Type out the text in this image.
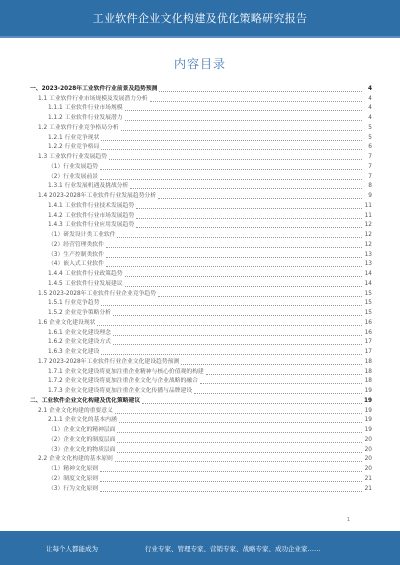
工业软件企业文化构建及优化策略研究报告
内容目录
一、2023-2028年工业软件行业前景及趋势预测	4
1.1 工业软件行业市场规模及发展潜力分析	4
1.1.1 工业软件行业市场规模	4
1.1.2 工业软件行业发展潜力	4
1.2 工业软件行业竞争格局分析	5
1.2.1 行业竞争现状	5
1.2.2 行业竞争格局	6
1.3 工业软件行业发展趋势	7
（1）行业发展趋势	7
（2）行业发展前景	7
1.3.1 行业发展机遇及挑战分析	8
1.4 2023-2028年工业软件行业发展趋势分析	9
1.4.1 工业软件行业技术发展趋势	11
1.4.2 工业软件行业市场发展趋势	11
1.4.3 工业软件行业应用发展趋势	12
（1）研发设计类工业软件	12
（2）经营管理类软件	12
（3）生产控制类软件	13
（4）嵌入式工业软件	13
1.4.4 工业软件行业政策趋势	14
1.4.5 工业软件行业发展建议	14
1.5 2023-2028年工业软件行业企业竞争趋势	15
1.5.1 行业竞争趋势	15
1.5.2 企业竞争策略分析	15
1.6 企业文化建设现状	16
1.6.1 企业文化建设理念	16
1.6.2 企业文化建设方式	17
1.6.3 企业文化建设	17
1.7 2023-2028年工业软件行业企业文化建设趋势预测	18
1.7.1 企业文化建设将更加注重企业精神与核心价值观的构建	18
1.7.2 企业文化建设将更加注重企业文化与企业战略的融合	18
1.7.3 企业文化建设将更加注重企业文化传播与品牌建设	19
二、工业软件企业文化构建及优化策略建议	19
2.1 企业文化构建的重要意义	19
2.1.1 企业文化的基本内涵	19
（1）企业文化的精神层面	19
（2）企业文化的制度层面	20
（3）企业文化的物质层面	20
2.2 企业文化构建的基本原则	20
（1）精神文化原则	20
（2）制度文化原则	21
（3）行为文化原则	21
1
让每个人都能成为	行业专家、管理专家、营销专家、战略专家、成功企业家……
